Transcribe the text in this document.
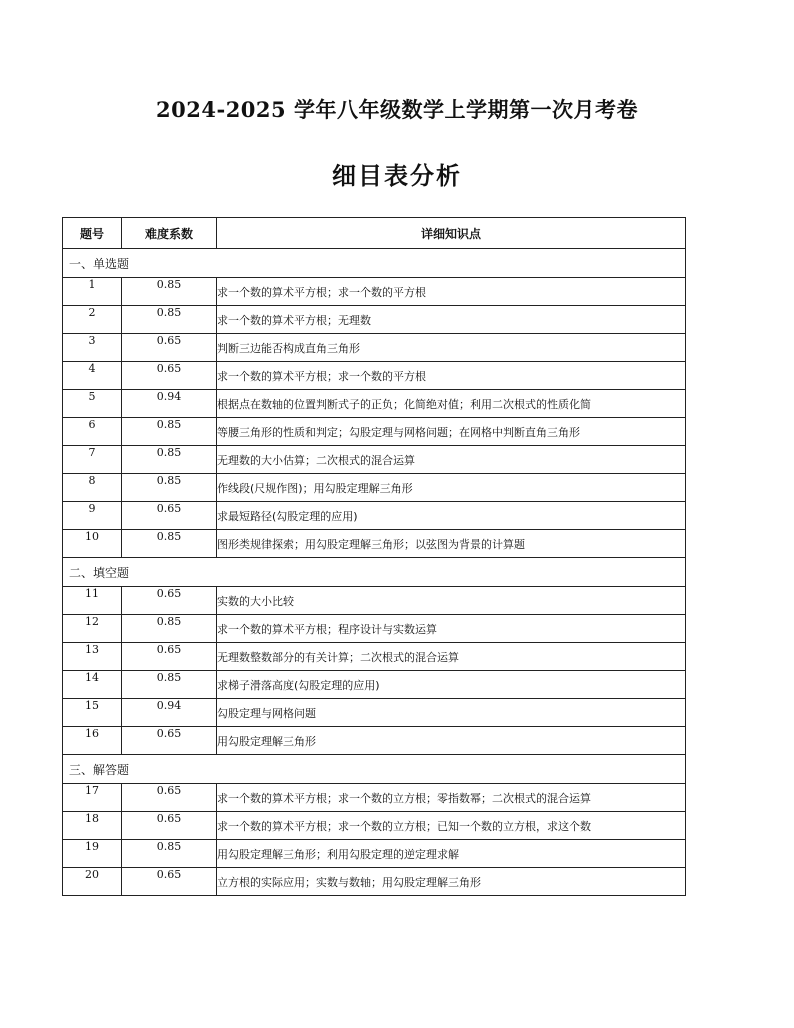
2024-2025 学年八年级数学上学期第一次月考卷
细目表分析
题号	难度系数	详细知识点
一、单选题		
1	0.85	求一个数的算术平方根；求一个数的平方根
2	0.85	求一个数的算术平方根；无理数
3	0.65	判断三边能否构成直角三角形
4	0.65	求一个数的算术平方根；求一个数的平方根
5	0.94	根据点在数轴的位置判断式子的正负；化简绝对值；利用二次根式的性质化简
6	0.85	等腰三角形的性质和判定；勾股定理与网格问题；在网格中判断直角三角形
7	0.85	无理数的大小估算；二次根式的混合运算
8	0.85	作线段(尺规作图)；用勾股定理解三角形
9	0.65	求最短路径(勾股定理的应用)
10	0.85	图形类规律探索；用勾股定理解三角形；以弦图为背景的计算题
二、填空题		
11	0.65	实数的大小比较
12	0.85	求一个数的算术平方根；程序设计与实数运算
13	0.65	无理数整数部分的有关计算；二次根式的混合运算
14	0.85	求梯子滑落高度(勾股定理的应用)
15	0.94	勾股定理与网格问题
16	0.65	用勾股定理解三角形
三、解答题		
17	0.65	求一个数的算术平方根；求一个数的立方根；零指数幂；二次根式的混合运算
18	0.65	求一个数的算术平方根；求一个数的立方根；已知一个数的立方根，求这个数
19	0.85	用勾股定理解三角形；利用勾股定理的逆定理求解
20	0.65	立方根的实际应用；实数与数轴；用勾股定理解三角形
